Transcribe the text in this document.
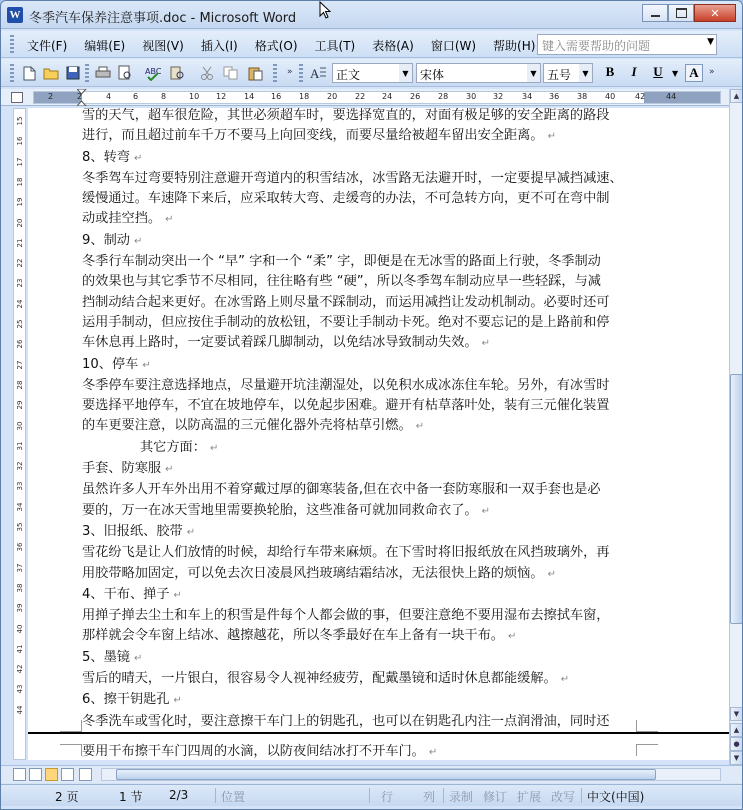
W 冬季汽车保养注意事项.doc - Microsoft Word	✕
文件(F) 编辑(E) 视图(V) 插入(I) 格式(O) 工具(T) 表格(A) 窗口(W) 帮助(H) 键入需要帮助的问题	▼
ABC	» A	正文	▼ 宋体	▼ 五号	▼	B	I	U	▼ A	»
2	2	4	6	8	10 12 14 16 18 20 22 24 26 28 30 32 34 36 38 40 42	44
15
16
17
18
19
20
21
22
23
24
25
26
27
28
29
30
31
32
33
34
35
36
37
38
39
40
41
42
43
44

雪的天气，超车很危险，其世必须超车时，要选择宽直的，对面有极足够的安全距离的路段

进行，而且超过前车千万不要马上向回变线，而要尽量给被超车留出安全距离。 ↵

8、转弯 ↵

冬季驾车过弯要特别注意避开弯道内的积雪结冰，冰雪路无法避开时，一定要提早减挡减速、

缓慢通过。车速降下来后，应采取转大弯、走缓弯的办法，不可急转方向，更不可在弯中制

动或挂空挡。 ↵

9、制动 ↵

冬季行车制动突出一个 “早” 字和一个 “柔” 字，即便是在无冰雪的路面上行驶，冬季制动

的效果也与其它季节不尽相同，往往略有些 “硬”，所以冬季驾车制动应早一些轻踩，与减

挡制动结合起来更好。在冰雪路上则尽量不踩制动，而运用减挡让发动机制动。必要时还可

运用手制动，但应按住手制动的放松钮，不要让手制动卡死。绝对不要忘记的是上路前和停

车休息再上路时，一定要试着踩几脚制动，以免结冰导致制动失效。 ↵

10、停车 ↵

冬季停车要注意选择地点，尽量避开坑洼潮湿处，以免积水成冰冻住车轮。另外，有冰雪时

要选择平地停车，不宜在坡地停车，以免起步困难。避开有枯草落叶处，装有三元催化装置

的车更要注意，以防高温的三元催化器外壳将枯草引燃。 ↵

其它方面： ↵

手套、防寒服 ↵

虽然许多人开车外出用不着穿戴过厚的御寒装备,但在衣中备一套防寒服和一双手套也是必

要的，万一在冰天雪地里需要换轮胎，这些准备可就加同救命衣了。 ↵

3、旧报纸、胶带 ↵

雪花纷飞是让人们放情的时候，却给行车带来麻烦。在下雪时将旧报纸放在风挡玻璃外，再

用胶带略加固定，可以免去次日凌晨风挡玻璃结霜结冰，无法很快上路的烦恼。 ↵

4、干布、掸子 ↵

用掸子掸去尘土和车上的积雪是件每个人都会做的事，但要注意绝不要用湿布去擦拭车窗，

那样就会令车窗上结冰、越擦越花，所以冬季最好在车上备有一块干布。 ↵

5、墨镜 ↵

雪后的晴天，一片银白，很容易令人视神经疲劳，配戴墨镜和适时休息都能缓解。 ↵

6、擦干钥匙孔 ↵

冬季洗车或雪化时，要注意擦干车门上的钥匙孔，也可以在钥匙孔内注一点润滑油，同时还

要用干布擦干车门四周的水滴，以防夜间结冰打不开车门。 ↵

▲
▼
▲
●
▼
2 页	1 节 2/3	位置	行 列 录制 修订 扩展 改写 中文(中国)
